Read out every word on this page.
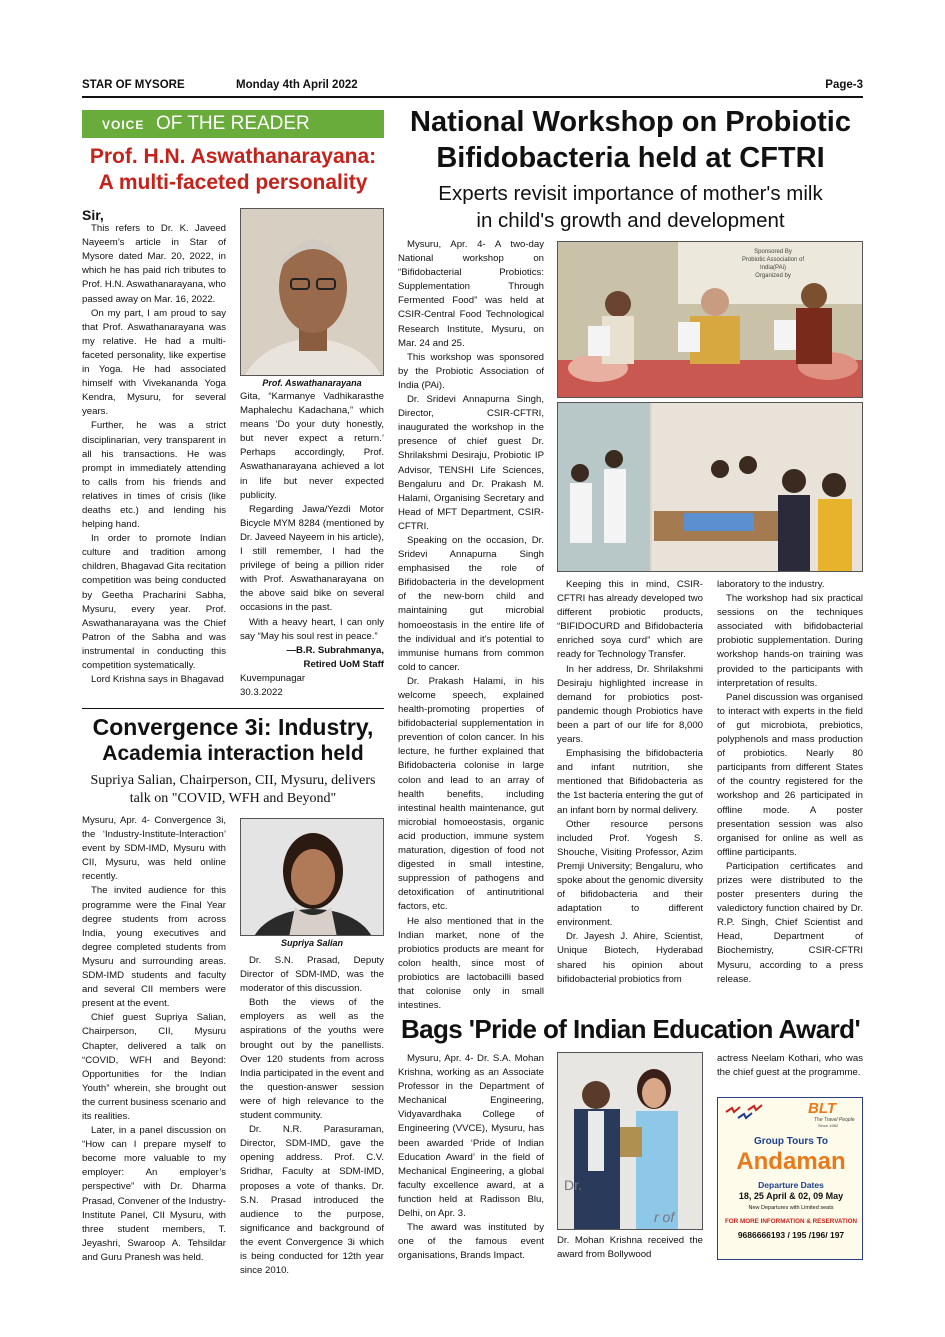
STAR OF MYSORE	Monday 4th April 2022	Page-3
VOICE OF THE READER
Prof. H.N. Aswathanarayana:
A multi-faceted personality
Sir,

This refers to Dr. K. Javeed Nayeem’s article in Star of Mysore dated Mar. 20, 2022, in which he has paid rich tributes to Prof. H.N. Aswathanarayana, who passed away on Mar. 16, 2022.

On my part, I am proud to say that Prof. Aswathanarayana was my relative. He had a multi-faceted personality, like expertise in Yoga. He had associated himself with Vivekananda Yoga Kendra, Mysuru, for several years.

Further, he was a strict disciplinarian, very transparent in all his transactions. He was prompt in immediately attending to calls from his friends and relatives in times of crisis (like deaths etc.) and lending his helping hand.

In order to promote Indian culture and tradition among children, Bhagavad Gita recitation competition was being conducted by Geetha Pracharini Sabha, Mysuru, every year. Prof. Aswathanarayana was the Chief Patron of the Sabha and was instrumental in conducting this competition systematically.

Lord Krishna says in Bhagavad

Prof. Aswathanarayana

Gita, “Karmanye Vadhikarasthe Maphalechu Kadachana,” which means ‘Do your duty honestly, but never expect a return.’ Perhaps accordingly, Prof. Aswathanarayana achieved a lot in life but never expected publicity.

Regarding Jawa/Yezdi Motor Bicycle MYM 8284 (mentioned by Dr. Javeed Nayeem in his article), I still remember, I had the privilege of being a pillion rider with Prof. Aswathanarayana on the above said bike on several occasions in the past.

With a heavy heart, I can only say “May his soul rest in peace.”

—B.R. Subrahmanya,
Retired UoM Staff
Kuvempunagar
30.3.2022
Convergence 3i: Industry,
Academia interaction held
Supriya Salian, Chairperson, CII, Mysuru, delivers
talk on "COVID, WFH and Beyond"

Mysuru, Apr. 4- Convergence 3i, the ‘Industry-Institute-Interaction’ event by SDM-IMD, Mysuru with CII, Mysuru, was held online recently.

The invited audience for this programme were the Final Year degree students from across India, young executives and degree completed students from Mysuru and surrounding areas. SDM-IMD students and faculty and several CII members were present at the event.

Chief guest Supriya Salian, Chairperson, CII, Mysuru Chapter, delivered a talk on “COVID, WFH and Beyond: Opportunities for the Indian Youth” wherein, she brought out the current business scenario and its realities.

Later, in a panel discussion on “How can I prepare myself to become more valuable to my employer: An employer’s perspective” with Dr. Dharma Prasad, Convener of the Industry-Institute Panel, CII Mysuru, with three student members, T. Jeyashri, Swaroop A. Tehsildar and Guru Pranesh was held.

Supriya Salian

Dr. S.N. Prasad, Deputy Director of SDM-IMD, was the moderator of this discussion.

Both the views of the employers as well as the aspirations of the youths were brought out by the panellists. Over 120 students from across India participated in the event and the question-answer session were of high relevance to the student community.

Dr. N.R. Parasuraman, Director, SDM-IMD, gave the opening address. Prof. C.V. Sridhar, Faculty at SDM-IMD, proposes a vote of thanks. Dr. S.N. Prasad introduced the audience to the purpose, significance and background of the event Convergence 3i which is being conducted for 12th year since 2010.

National Workshop on Probiotic
Bifidobacteria held at CFTRI
Experts revisit importance of mother's milk
in child's growth and development

Mysuru, Apr. 4- A two-day National workshop on “Bifidobacterial Probiotics: Supplementation Through Fermented Food” was held at CSIR-Central Food Technological Research Institute, Mysuru, on Mar. 24 and 25.

This workshop was sponsored by the Probiotic Association of India (PAi).

Dr. Sridevi Annapurna Singh, Director, CSIR-CFTRI, inaugurated the workshop in the presence of chief guest Dr. Shrilakshmi Desiraju, Probiotic IP Advisor, TENSHI Life Sciences, Bengaluru and Dr. Prakash M. Halami, Organising Secretary and Head of MFT Department, CSIR-CFTRI.

Speaking on the occasion, Dr. Sridevi Annapurna Singh emphasised the role of Bifidobacteria in the development of the new-born child and maintaining gut microbial homoeostasis in the entire life of the individual and it’s potential to immunise humans from common cold to cancer.

Dr. Prakash Halami, in his welcome speech, explained health-promoting properties of bifidobacterial supplementation in prevention of colon cancer. In his lecture, he further explained that Bifidobacteria colonise in large colon and lead to an array of health benefits, including intestinal health maintenance, gut microbial homoeostasis, organic acid production, immune system maturation, digestion of food not digested in small intestine, suppression of pathogens and detoxification of antinutritional factors, etc.

He also mentioned that in the Indian market, none of the probiotics products are meant for colon health, since most of probiotics are lactobacilli based that colonise only in small intestines.

Sponsored By
Probiotic Association of India(PAi)
Organized by

Keeping this in mind, CSIR-CFTRI has already developed two different probiotic products, “BIFIDOCURD and Bifidobacteria enriched soya curd” which are ready for Technology Transfer.

In her address, Dr. Shrilakshmi Desiraju highlighted increase in demand for probiotics post-pandemic though Probiotics have been a part of our life for 8,000 years.

Emphasising the bifidobacteria and infant nutrition, she mentioned that Bifidobacteria as the 1st bacteria entering the gut of an infant born by normal delivery.

Other resource persons included Prof. Yogesh S. Shouche, Visiting Professor, Azim Premji University; Bengaluru, who spoke about the genomic diversity of bifidobacteria and their adaptation to different environment.

Dr. Jayesh J. Ahire, Scientist, Unique Biotech, Hyderabad shared his opinion about bifidobacterial probiotics from

laboratory to the industry.

The workshop had six practical sessions on the techniques associated with bifidobacterial probiotic supplementation. During workshop hands-on training was provided to the participants with interpretation of results.

Panel discussion was organised to interact with experts in the field of gut microbiota, prebiotics, polyphenols and mass production of probiotics. Nearly 80 participants from different States of the country registered for the workshop and 26 participated in offline mode. A poster presentation session was also organised for online as well as offline participants.

Participation certificates and prizes were distributed to the poster presenters during the valedictory function chaired by Dr. R.P. Singh, Chief Scientist and Head, Department of Biochemistry, CSIR-CFTRI Mysuru, according to a press release.

Bags 'Pride of Indian Education Award'

Mysuru, Apr. 4- Dr. S.A. Mohan Krishna, working as an Associate Professor in the Department of Mechanical Engineering, Vidyavardhaka College of Engineering (VVCE), Mysuru, has been awarded ‘Pride of Indian Education Award’ in the field of Mechanical Engineering, a global faculty excellence award, at a function held at Radisson Blu, Delhi, on Apr. 3.

The award was instituted by one of the famous event organisations, Brands Impact.

Dr.
r of
Dr. Mohan Krishna received the award from Bollywood

actress Neelam Kothari, who was the chief guest at the programme.

BLT
The Travel People
Since 1982
Group Tours To
Andaman
Departure Dates
18, 25 April & 02, 09 May
New Departures with Limited seats
FOR MORE INFORMATION & RESERVATION
9686666193 / 195 /196/ 197
